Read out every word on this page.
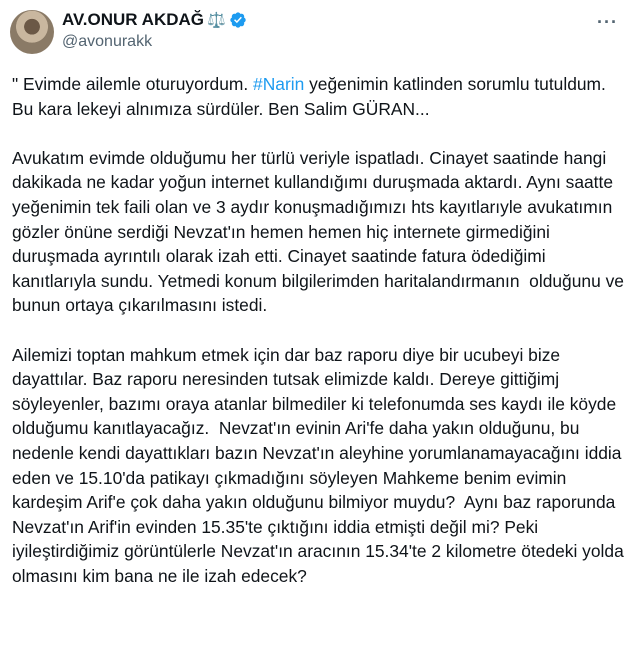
AV.ONUR AKDAĞ ⚖️
@avonurakk
···

" Evimde ailemle oturuyordum. #Narin yeğenimin katlinden sorumlu tutuldum.  Bu kara lekeyi alnımıza sürdüler. Ben Salim GÜRAN...

Avukatım evimde olduğumu her türlü veriyle ispatladı. Cinayet saatinde hangi dakikada ne kadar yoğun internet kullandığımı duruşmada aktardı. Aynı saatte yeğenimin tek faili olan ve 3 aydır konuşmadığımızı hts kayıtlarıyle avukatımın gözler önüne serdiği Nevzat'ın hemen hemen hiç internete girmediğini duruşmada ayrıntılı olarak izah etti. Cinayet saatinde fatura ödediğimi kanıtlarıyla sundu. Yetmedi konum bilgilerimden haritalandırmanın  olduğunu ve bunun ortaya çıkarılmasını istedi.

Ailemizi toptan mahkum etmek için dar baz raporu diye bir ucubeyi bize dayattılar. Baz raporu neresinden tutsak elimizde kaldı. Dereye gittiğimj söyleyenler, bazımı oraya atanlar bilmediler ki telefonumda ses kaydı ile köyde olduğumu kanıtlayacağız.  Nevzat'ın evinin Ari'fe daha yakın olduğunu, bu nedenle kendi dayattıkları bazın Nevzat'ın aleyhine yorumlanamayacağını iddia eden ve 15.10'da patikayı çıkmadığını söyleyen Mahkeme benim evimin kardeşim Arif'e çok daha yakın olduğunu bilmiyor muydu?  Aynı baz raporunda Nevzat'ın Arif'in evinden 15.35'te çıktığını iddia etmişti değil mi? Peki iyileştirdiğimiz görüntülerle Nevzat'ın aracının 15.34'te 2 kilometre ötedeki yolda olmasını kim bana ne ile izah edecek?
